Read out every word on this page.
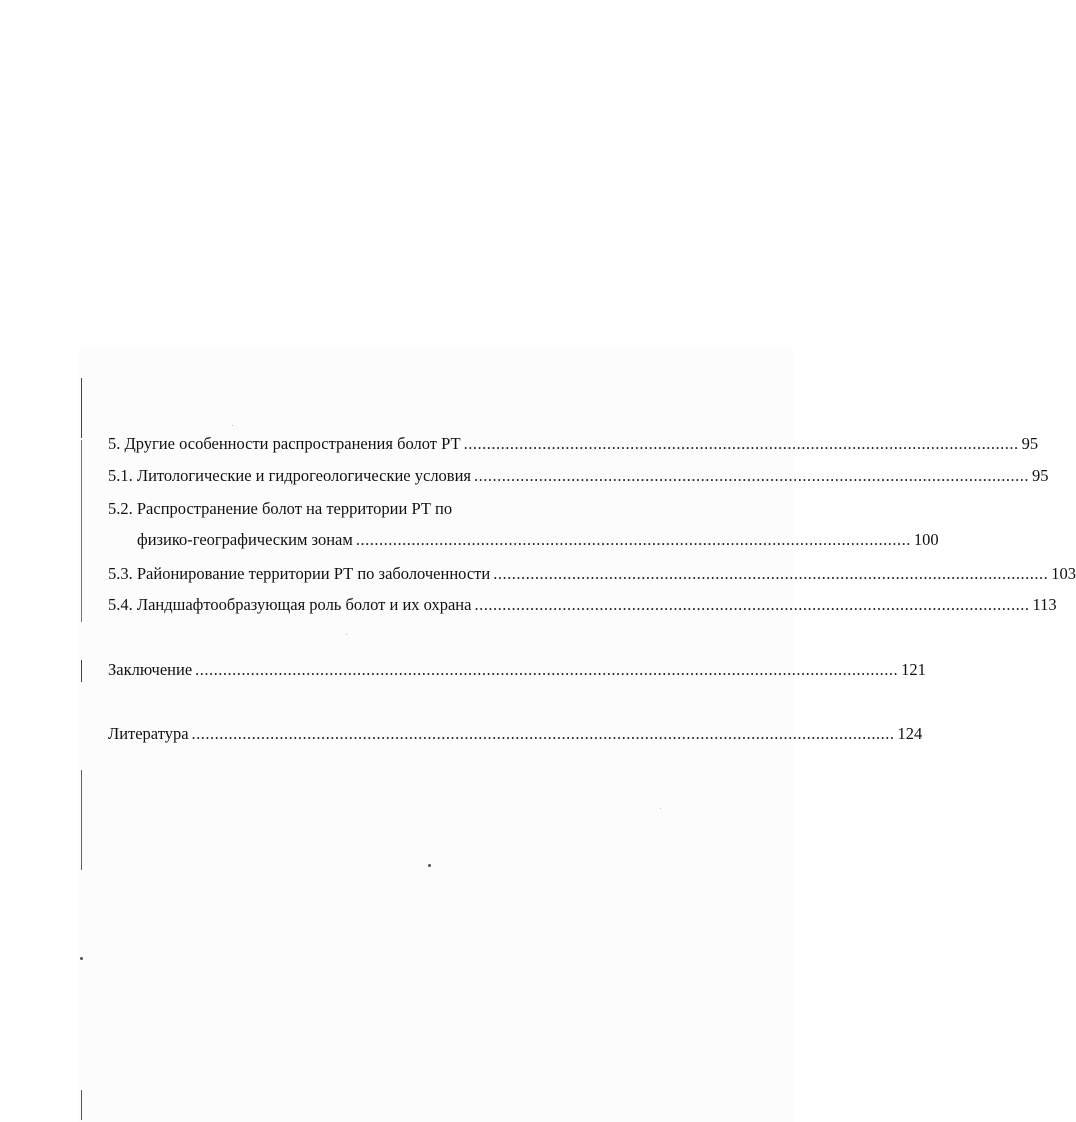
5. Другие особенности распространения болот РТ ........................................................................................................................ 95
5.1. Литологические и гидрогеологические условия ........................................................................................................................ 95
5.2. Распространение болот на территории РТ по
физико-географическим зонам ........................................................................................................................ 100
5.3. Районирование территории РТ по заболоченности ........................................................................................................................ 103
5.4. Ландшафтообразующая роль болот и их охрана ........................................................................................................................ 113
Заключение ........................................................................................................................................................ 121
Литература ........................................................................................................................................................ 124
